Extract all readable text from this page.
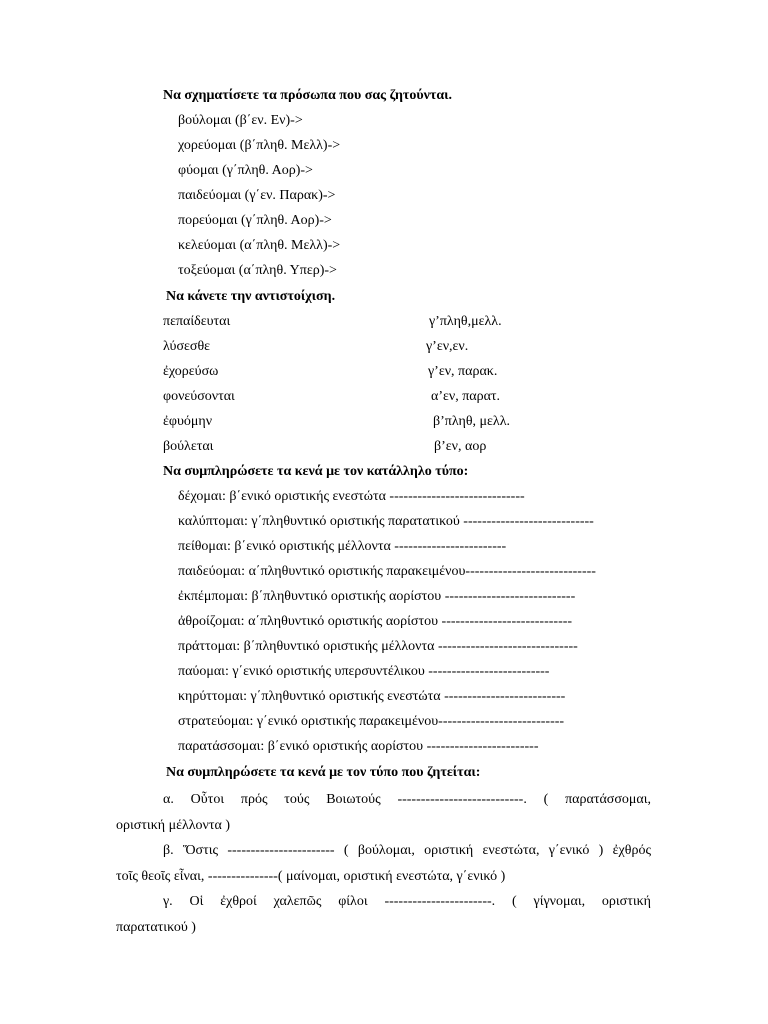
Να σχηματίσετε τα πρόσωπα που σας ζητούνται.
βούλομαι (β΄εν. Εν)->
χορεύομαι (β΄πληθ. Μελλ)->
φύομαι (γ΄πληθ. Αορ)->
παιδεύομαι (γ΄εν. Παρακ)->
πορεύομαι (γ΄πληθ. Αορ)->
κελεύομαι (α΄πληθ. Μελλ)->
τοξεύομαι (α΄πληθ. Υπερ)->
Να κάνετε την αντιστοίχιση.
πεπαίδευται	γ’πληθ,μελλ.
λύσεσθε	γ’εν,εν.
ἐχορεύσω	γ’εν, παρακ.
φονεύσονται	α’εν, παρατ.
ἐφυόμην	β’πληθ, μελλ.
βούλεται	β’εν, αορ
Να συμπληρώσετε τα κενά με τον κατάλληλο τύπο:
δέχομαι: β΄ενικό οριστικής ενεστώτα -----------------------------
καλύπτομαι: γ΄πληθυντικό οριστικής παρατατικού ----------------------------
πείθομαι: β΄ενικό οριστικής μέλλοντα ------------------------
παιδεύομαι: α΄πληθυντικό οριστικής παρακειμένου----------------------------
ἐκπέμπομαι: β΄πληθυντικό οριστικής αορίστου ----------------------------
ἀθροίζομαι: α΄πληθυντικό οριστικής αορίστου ----------------------------
πράττομαι: β΄πληθυντικό οριστικής μέλλοντα ------------------------------
παύομαι: γ΄ενικό οριστικής υπερσυντέλικου --------------------------
κηρύττομαι: γ΄πληθυντικό οριστικής ενεστώτα --------------------------
στρατεύομαι: γ΄ενικό οριστικής παρακειμένου---------------------------
παρατάσσομαι: β΄ενικό οριστικής αορίστου ------------------------
Να συμπληρώσετε τα κενά με τον τύπο που ζητείται:
α. Οὗτοι πρός τούς Βοιωτούς ---------------------------. ( παρατάσσομαι,
οριστική μέλλοντα )
β. Ὅστις ----------------------- ( βούλομαι, οριστική ενεστώτα, γ΄ενικό ) ἐχθρός
τοῖς θεοῖς εἶναι, ---------------( μαίνομαι, οριστική ενεστώτα, γ΄ενικό )
γ. Οἱ ἐχθροί χαλεπῶς φίλοι -----------------------. ( γίγνομαι, οριστική
παρατατικού )
